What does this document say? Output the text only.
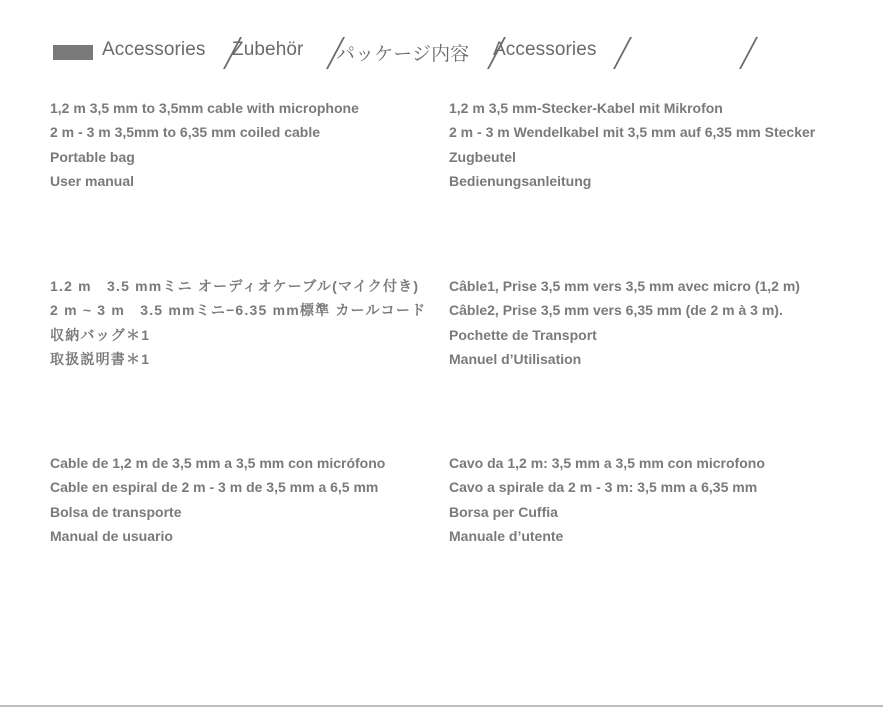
Accessories Zubehör パッケージ内容 Accessories
1,2 m 3,5 mm to 3,5mm cable with microphone
2 m - 3 m 3,5mm to 6,35 mm coiled cable
Portable bag
User manual
1,2 m 3,5 mm-Stecker-Kabel mit Mikrofon
2 m - 3 m Wendelkabel mit 3,5 mm auf 6,35 mm Stecker
Zugbeutel
Bedienungsanleitung
1.2 m　3.5 mmミニ オーディオケーブル(マイク付き)
2 m ~ 3 m　3.5 mmミニ−6.35 mm標準 カールコード
収納バッグ＊1
取扱説明書＊1
Câble1, Prise 3,5 mm vers 3,5 mm avec micro (1,2 m)
Câble2, Prise 3,5 mm vers 6,35 mm (de 2 m à 3 m).
Pochette de Transport
Manuel d’Utilisation
Cable de 1,2 m de 3,5 mm a 3,5 mm con micrófono
Cable en espiral de 2 m - 3 m de 3,5 mm a 6,5 mm
Bolsa de transporte
Manual de usuario
Cavo da 1,2 m: 3,5 mm a 3,5 mm con microfono
Cavo a spirale da 2 m - 3 m: 3,5 mm a 6,35 mm
Borsa per Cuffia
Manuale d’utente
